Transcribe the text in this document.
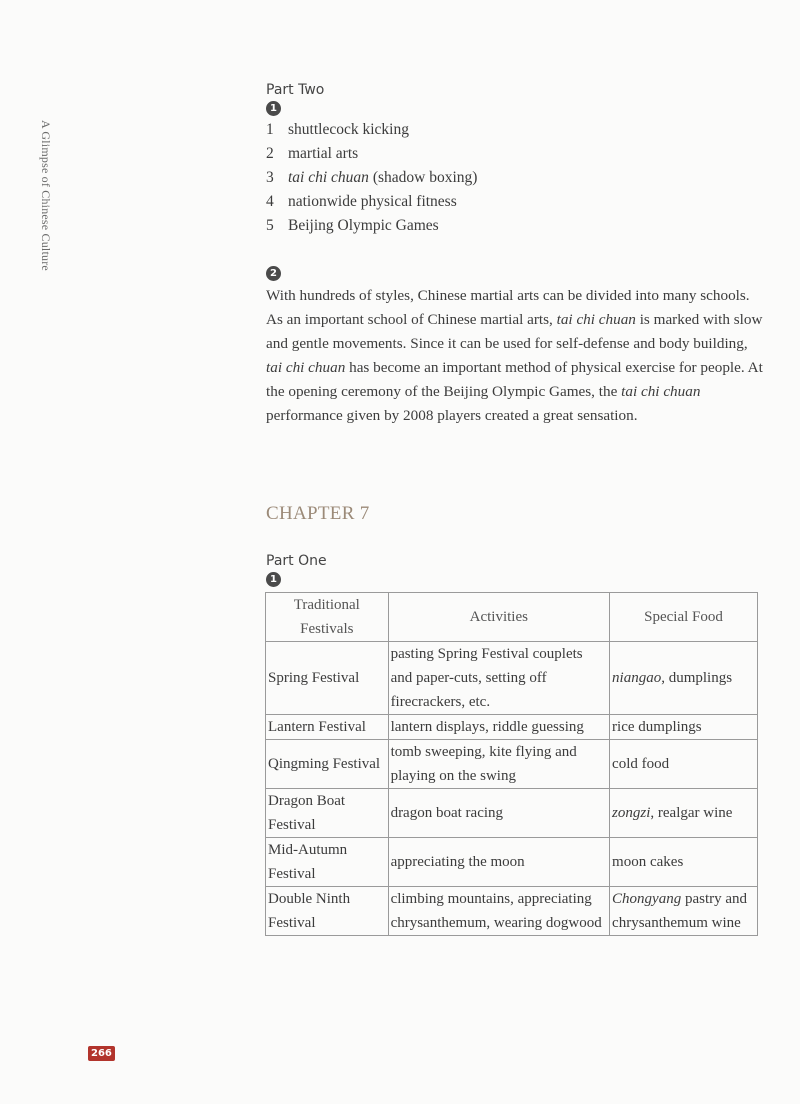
A Glimpse of Chinese Culture
Part Two
1
1 shuttlecock kicking
2 martial arts
3 tai chi chuan (shadow boxing)
4 nationwide physical fitness
5 Beijing Olympic Games
2

With hundreds of styles, Chinese martial arts can be divided into many schools. As an important school of Chinese martial arts, tai chi chuan is marked with slow and gentle movements. Since it can be used for self-defense and body building, tai chi chuan has become an important method of physical exercise for people. At the opening ceremony of the Beijing Olympic Games, the tai chi chuan performance given by 2008 players created a great sensation.

CHAPTER 7
Part One
1
Traditional Festivals	Activities	Special Food
Spring Festival	pasting Spring Festival couplets and paper-cuts, setting off firecrackers, etc.	niangao, dumplings
Lantern Festival	lantern displays, riddle guessing	rice dumplings
Qingming Festival	tomb sweeping, kite flying and playing on the swing	cold food
Dragon Boat Festival	dragon boat racing	zongzi, realgar wine
Mid-Autumn Festival	appreciating the moon	moon cakes
Double Ninth Festival	climbing mountains, appreciating chrysanthemum, wearing dogwood	Chongyang pastry and chrysanthemum wine
266
